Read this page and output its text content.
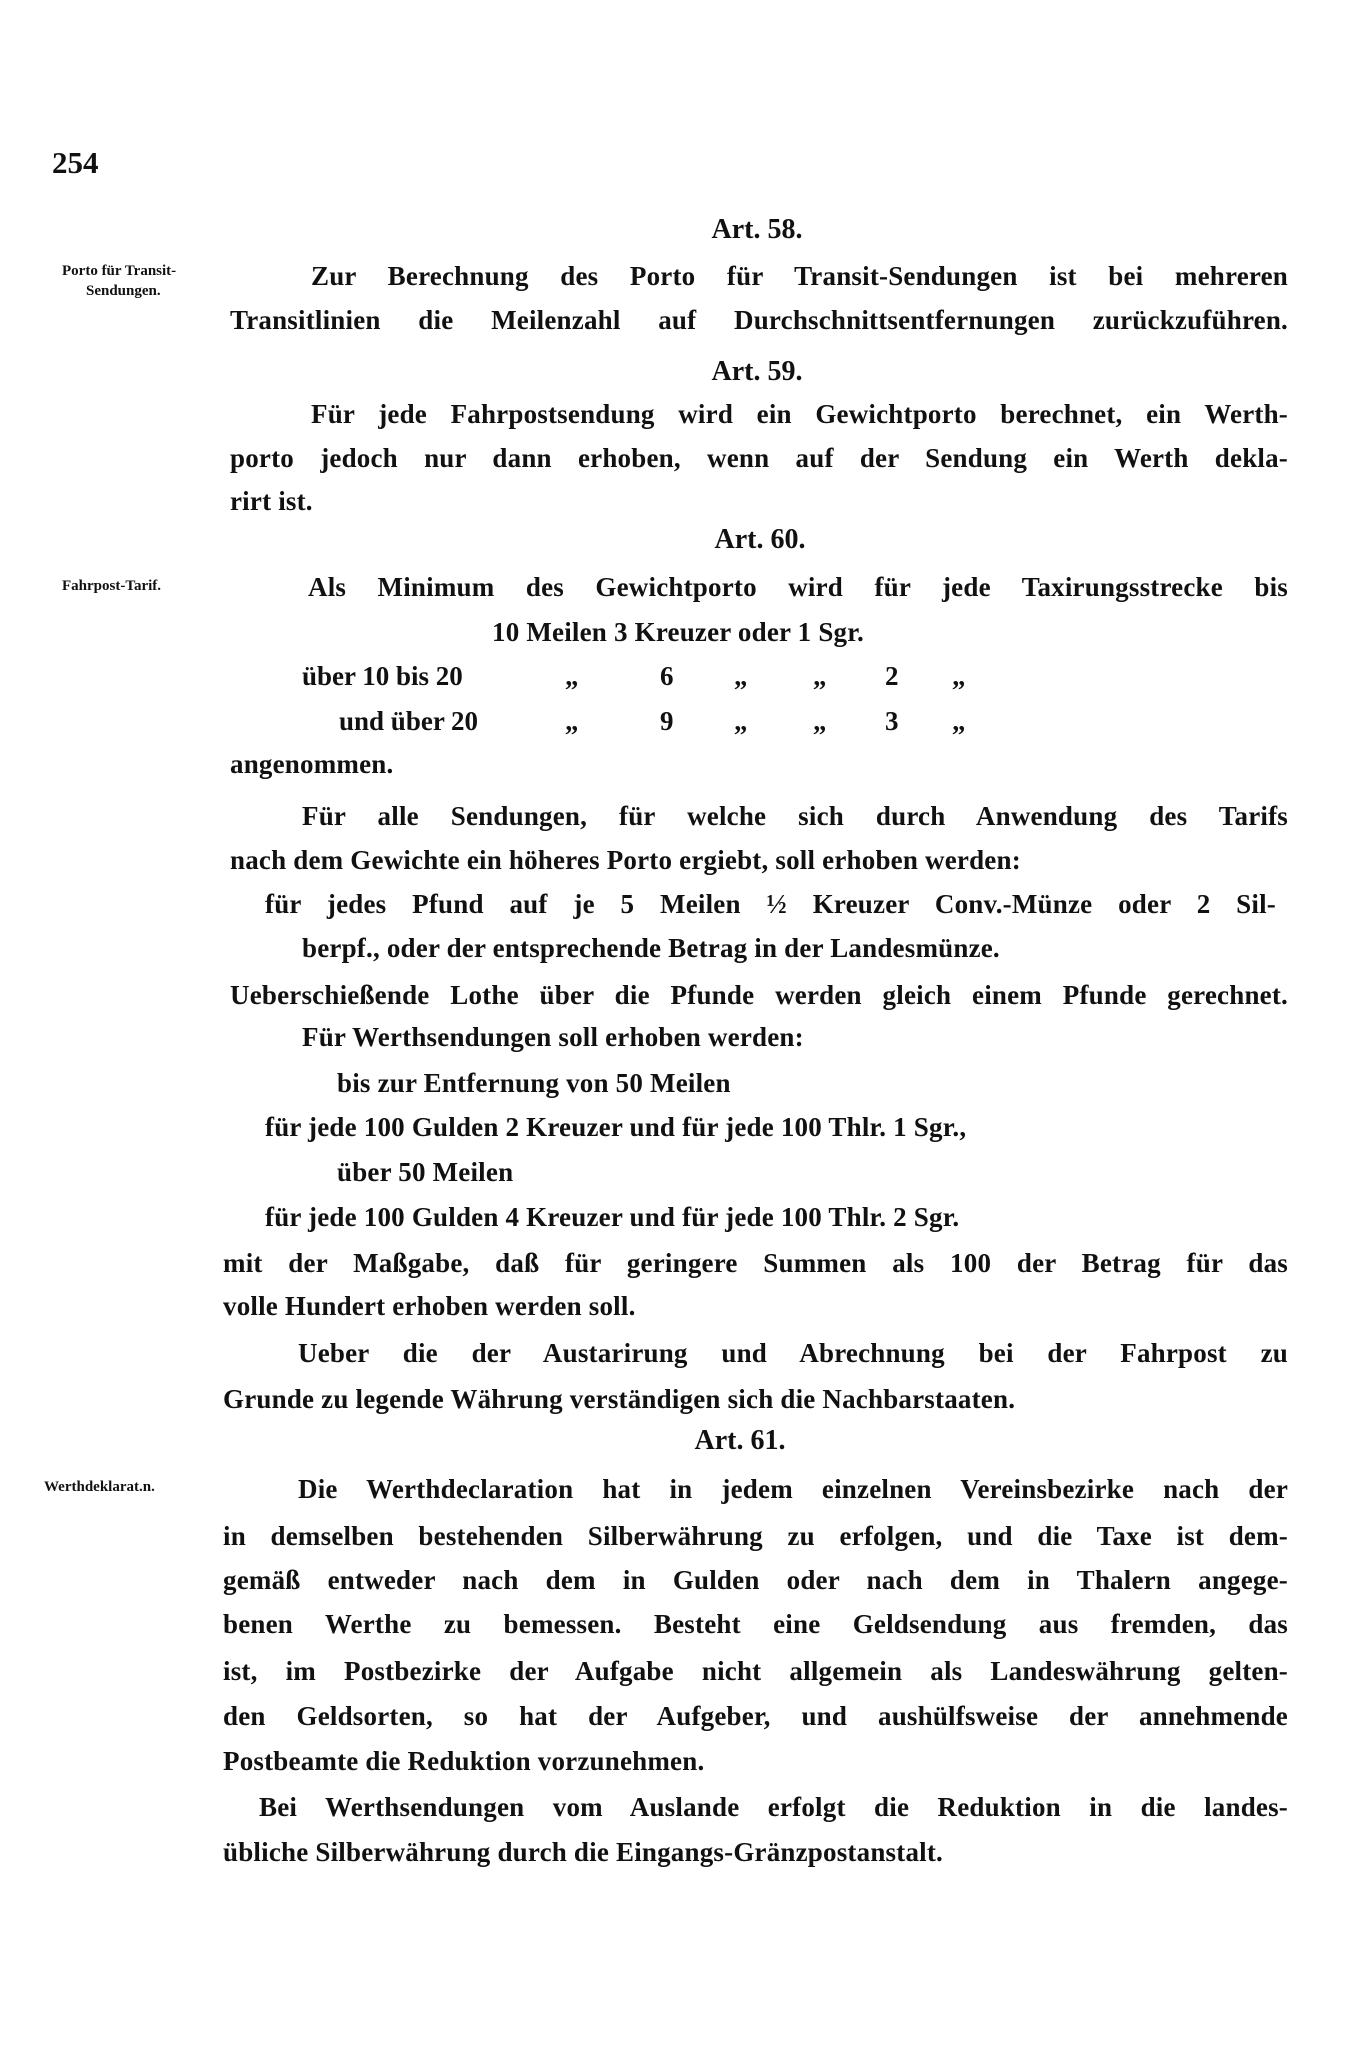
254
Porto für Transit-
Sendungen.
Fahrpost-Tarif.
Werthdeklarat.n.
Art. 58.
Art. 59.
Art. 60.
Art. 61.
Zur Berechnung des Porto für Transit-Sendungen ist bei mehreren
Transitlinien die Meilenzahl auf Durchschnittsentfernungen zurückzuführen.
Für jede Fahrpostsendung wird ein Gewichtporto berechnet, ein Werth-
porto jedoch nur dann erhoben, wenn auf der Sendung ein Werth dekla-
rirt ist.
Als Minimum des Gewichtporto wird für jede Taxirungsstrecke bis
10 Meilen 3 Kreuzer oder 1 Sgr.
über 10 bis 20	„	6 „ „ 2 „
und über 20	„	9 „ „ 3 „
angenommen.
Für alle Sendungen, für welche sich durch Anwendung des Tarifs
nach dem Gewichte ein höheres Porto ergiebt, soll erhoben werden:
für jedes Pfund auf je 5 Meilen ½ Kreuzer Conv.-Münze oder 2 Sil-
berpf., oder der entsprechende Betrag in der Landesmünze.
Ueberschießende Lothe über die Pfunde werden gleich einem Pfunde gerechnet.
Für Werthsendungen soll erhoben werden:
bis zur Entfernung von 50 Meilen
für jede 100 Gulden 2 Kreuzer und für jede 100 Thlr. 1 Sgr.,
über 50 Meilen
für jede 100 Gulden 4 Kreuzer und für jede 100 Thlr. 2 Sgr.
mit der Maßgabe, daß für geringere Summen als 100 der Betrag für das
volle Hundert erhoben werden soll.
Ueber die der Austarirung und Abrechnung bei der Fahrpost zu
Grunde zu legende Währung verständigen sich die Nachbarstaaten.
Die Werthdeclaration hat in jedem einzelnen Vereinsbezirke nach der
in demselben bestehenden Silberwährung zu erfolgen, und die Taxe ist dem-
gemäß entweder nach dem in Gulden oder nach dem in Thalern angege-
benen Werthe zu bemessen. Besteht eine Geldsendung aus fremden, das
ist, im Postbezirke der Aufgabe nicht allgemein als Landeswährung gelten-
den Geldsorten, so hat der Aufgeber, und aushülfsweise der annehmende
Postbeamte die Reduktion vorzunehmen.
Bei Werthsendungen vom Auslande erfolgt die Reduktion in die landes-
übliche Silberwährung durch die Eingangs-Gränzpostanstalt.
